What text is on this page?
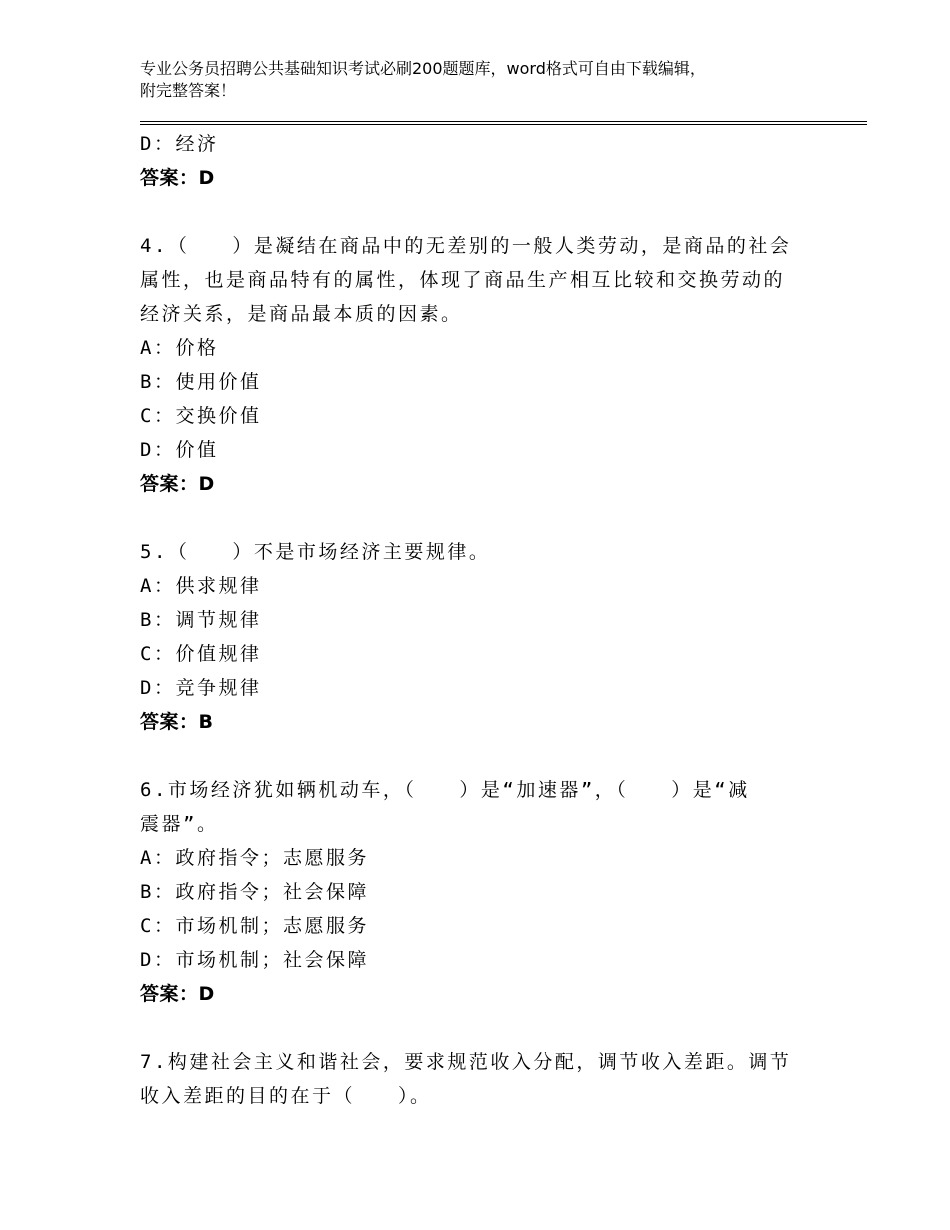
专业公务员招聘公共基础知识考试必刷200题题库，word格式可自由下载编辑，
附完整答案！
D：经济
答案：D
4.（　　）是凝结在商品中的无差别的一般人类劳动，是商品的社会
属性，也是商品特有的属性，体现了商品生产相互比较和交换劳动的
经济关系，是商品最本质的因素。
A：价格
B：使用价值
C：交换价值
D：价值
答案：D
5.（　　）不是市场经济主要规律。
A：供求规律
B：调节规律
C：价值规律
D：竞争规律
答案：B
6.市场经济犹如辆机动车，（　　）是“加速器”，（　　）是“减
震器”。
A：政府指令；志愿服务
B：政府指令；社会保障
C：市场机制；志愿服务
D：市场机制；社会保障
答案：D
7.构建社会主义和谐社会，要求规范收入分配，调节收入差距。调节
收入差距的目的在于（　　）。
